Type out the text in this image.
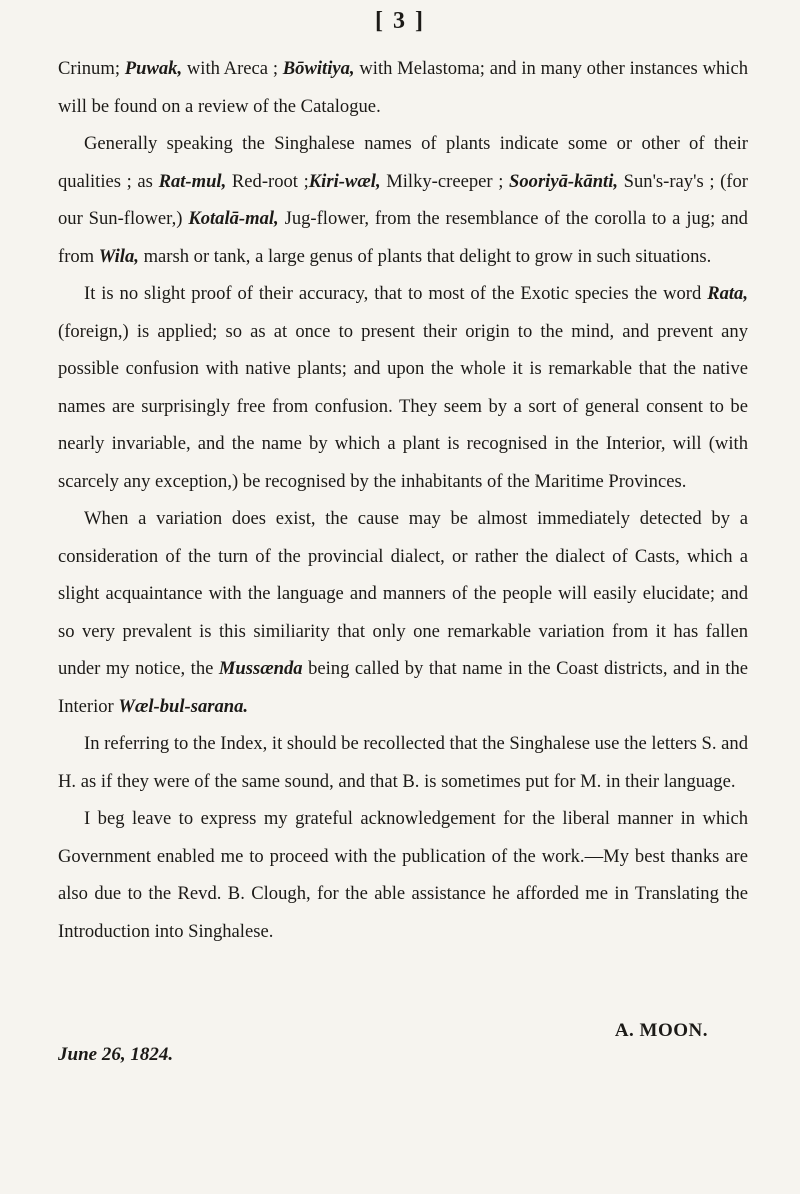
[ 3 ]

Crinum; Puwak, with Areca ; Bōwitiya, with Melastoma; and in many other instances which will be found on a review of the Catalogue.

Generally speaking the Singhalese names of plants indicate some or other of their qualities ; as Rat-mul, Red-root ;Kiri-wæl, Milky-creeper ; Sooriyā-kānti, Sun's-ray's ; (for our Sun-flower,) Kotalā-mal, Jug-flower, from the resemblance of the corolla to a jug; and from Wila, marsh or tank, a large genus of plants that delight to grow in such situations.

It is no slight proof of their accuracy, that to most of the Exotic species the word Rata, (foreign,) is applied; so as at once to present their origin to the mind, and prevent any possible confusion with native plants; and upon the whole it is remarkable that the native names are surprisingly free from confusion. They seem by a sort of general consent to be nearly invariable, and the name by which a plant is recognised in the Interior, will (with scarcely any exception,) be recognised by the inhabitants of the Maritime Provinces.

When a variation does exist, the cause may be almost immediately detected by a consideration of the turn of the provincial dialect, or rather the dialect of Casts, which a slight acquaintance with the language and manners of the people will easily elucidate; and so very prevalent is this similiarity that only one remarkable variation from it has fallen under my notice, the Mussænda being called by that name in the Coast districts, and in the Interior Wæl-bul-sarana.

In referring to the Index, it should be recollected that the Singhalese use the letters S. and H. as if they were of the same sound, and that B. is sometimes put for M. in their language.

I beg leave to express my grateful acknowledgement for the liberal manner in which Government enabled me to proceed with the publication of the work.—My best thanks are also due to the Revd. B. Clough, for the able assistance he afforded me in Translating the Introduction into Singhalese.

June 26, 1824.
A. MOON.
